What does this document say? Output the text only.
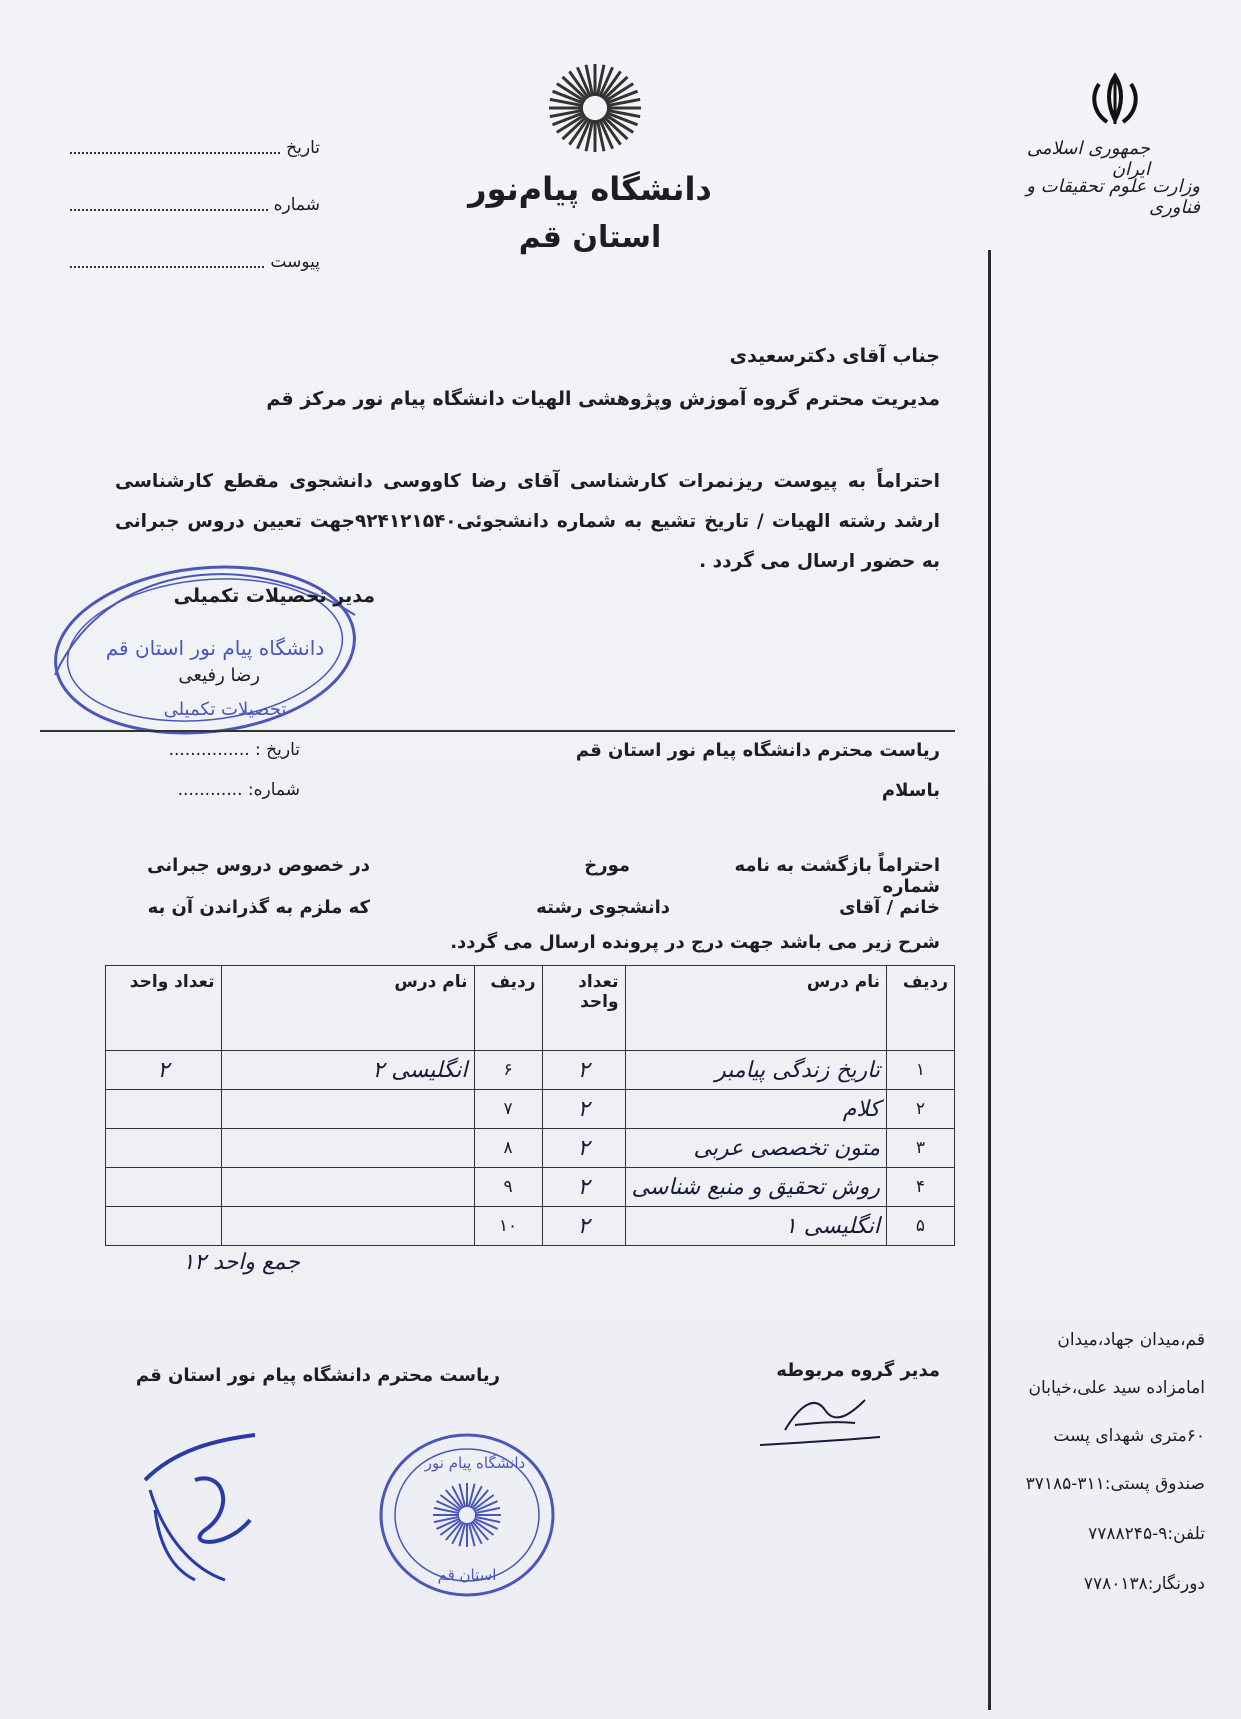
جمهوری اسلامی ایران
وزارت علوم تحقیقات و فناوری
دانشگاه پیام‌نور
استان قم
تاریخ
شماره
پیوست
جناب آقای دکترسعیدی
مدیریت محترم گروه آموزش وپژوهشی الهیات دانشگاه پیام نور مرکز قم
احتراماً به پیوست ریزنمرات کارشناسی آقای رضا کاووسی دانشجوی مقطع کارشناسی ارشد رشته الهیات / تاریخ تشیع به شماره دانشجوئی۹۲۴۱۲۱۵۴۰جهت تعیین دروس جبرانی به حضور ارسال می گردد .
دانشگاه پیام نور استان قم
تحصیلات تکمیلی
مدیر تحصیلات تکمیلی
رضا رفیعی
ریاست محترم دانشگاه پیام نور استان قم
باسلام
تاریخ : ...............
شماره: ............
احتراماً بازگشت به نامه شماره
مورخ
در خصوص دروس جبرانی
خانم / آقای
دانشجوی رشته
که ملزم به گذراندن آن به
شرح زیر می باشد جهت درج در پرونده ارسال می گردد.
ردیف	نام درس	تعداد واحد	ردیف	نام درس	تعداد واحد
۱	تاریخ زندگی پیامبر	۲	۶	انگلیسی ۲	۲
۲	کلام	۲	۷		
۳	متون تخصصی عربی	۲	۸		
۴	روش تحقیق و منبع شناسی	۲	۹		
۵	انگلیسی ۱	۲	۱۰		
جمع واحد ۱۲
مدیر گروه مربوطه
ریاست محترم دانشگاه پیام نور استان قم
دانشگاه پیام نور
استان قم
قم،میدان جهاد،میدان
امامزاده سید علی،خیابان
۶۰متری شهدای پست
صندوق پستی:۳۱۱-۳۷۱۸۵
تلفن:۹-۷۷۸۸۲۴۵
دورنگار:۷۷۸۰۱۳۸
